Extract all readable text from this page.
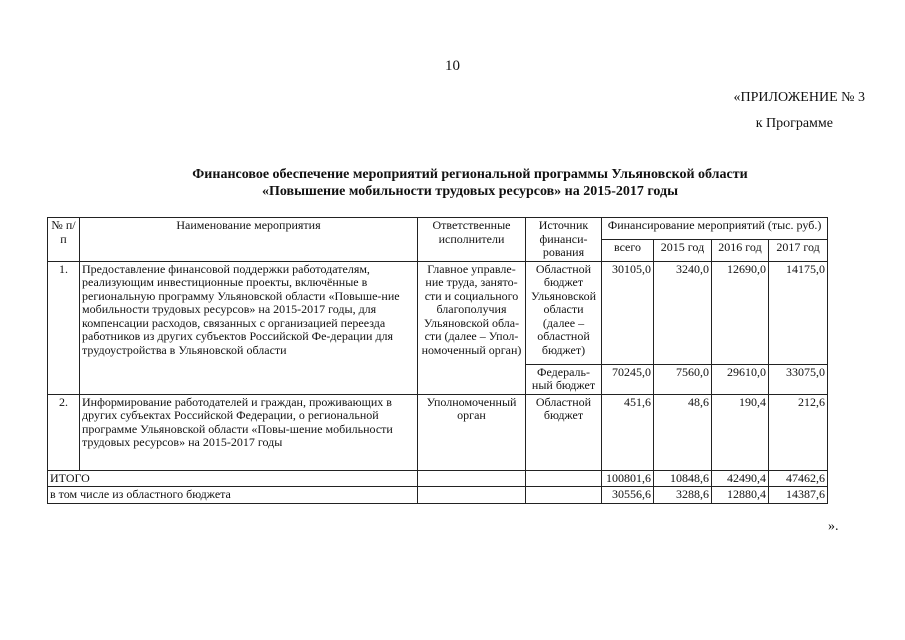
10
«ПРИЛОЖЕНИЕ № 3
к Программе
Финансовое обеспечение мероприятий региональной программы Ульяновской области
«Повышение мобильности трудовых ресурсов» на 2015-2017 годы
№ п/п	Наименование мероприятия	Ответственные исполнители	Источник финанси-рования	Финансирование мероприятий (тыс. руб.)			
				всего	2015 год	2016 год	2017 год
1.	Предоставление финансовой поддержки работодателям, реализующим инвестиционные проекты, включённые в региональную программу Ульяновской области «Повыше-ние мобильности трудовых ресурсов» на 2015-2017 годы, для компенсации расходов, связанных с организацией переезда работников из других субъектов Российской Фе-дерации для трудоустройства в Ульяновской области	Главное управле-ние труда, занято-сти и социального благополучия Ульяновской обла-сти (далее – Упол-номоченный орган)	Областной бюджет Ульяновской области (далее – областной бюджет)	30105,0	3240,0	12690,0	14175,0
			Федераль-ный бюджет	70245,0	7560,0	29610,0	33075,0
2.	Информирование работодателей и граждан, проживающих в других субъектах Российской Федерации, о региональной программе Ульяновской области «Повы-шение мобильности трудовых ресурсов» на 2015-2017 годы	Уполномоченный орган	Областной бюджет	451,6	48,6	190,4	212,6
ИТОГО				100801,6	10848,6	42490,4	47462,6
в том числе из областного бюджета				30556,6	3288,6	12880,4	14387,6
».
